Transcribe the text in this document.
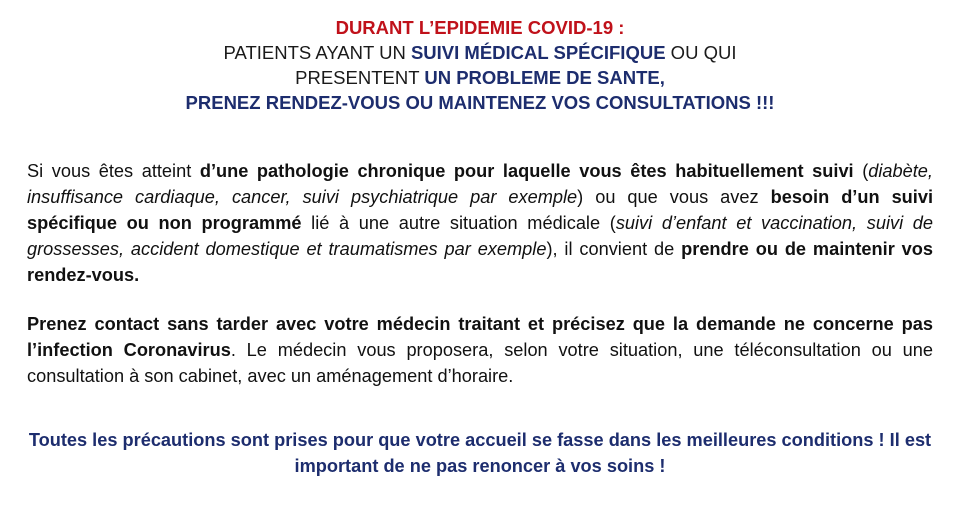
DURANT L’EPIDEMIE COVID-19 :
PATIENTS AYANT UN SUIVI MÉDICAL SPÉCIFIQUE OU QUI
PRESENTENT UN PROBLEME DE SANTE,
PRENEZ RENDEZ-VOUS OU MAINTENEZ VOS CONSULTATIONS !!!
Si vous êtes atteint d’une pathologie chronique pour laquelle vous êtes habituellement suivi (diabète, insuffisance cardiaque, cancer, suivi psychiatrique par exemple) ou que vous avez besoin d’un suivi spécifique ou non programmé lié à une autre situation médicale (suivi d’enfant et vaccination, suivi de grossesses, accident domestique et traumatismes par exemple), il convient de prendre ou de maintenir vos rendez-vous.
Prenez contact sans tarder avec votre médecin traitant et précisez que la demande ne concerne pas l’infection Coronavirus. Le médecin vous proposera, selon votre situation, une téléconsultation ou une consultation à son cabinet, avec un aménagement d’horaire.
Toutes les précautions sont prises pour que votre accueil se fasse dans les meilleures conditions ! Il est important de ne pas renoncer à vos soins !
